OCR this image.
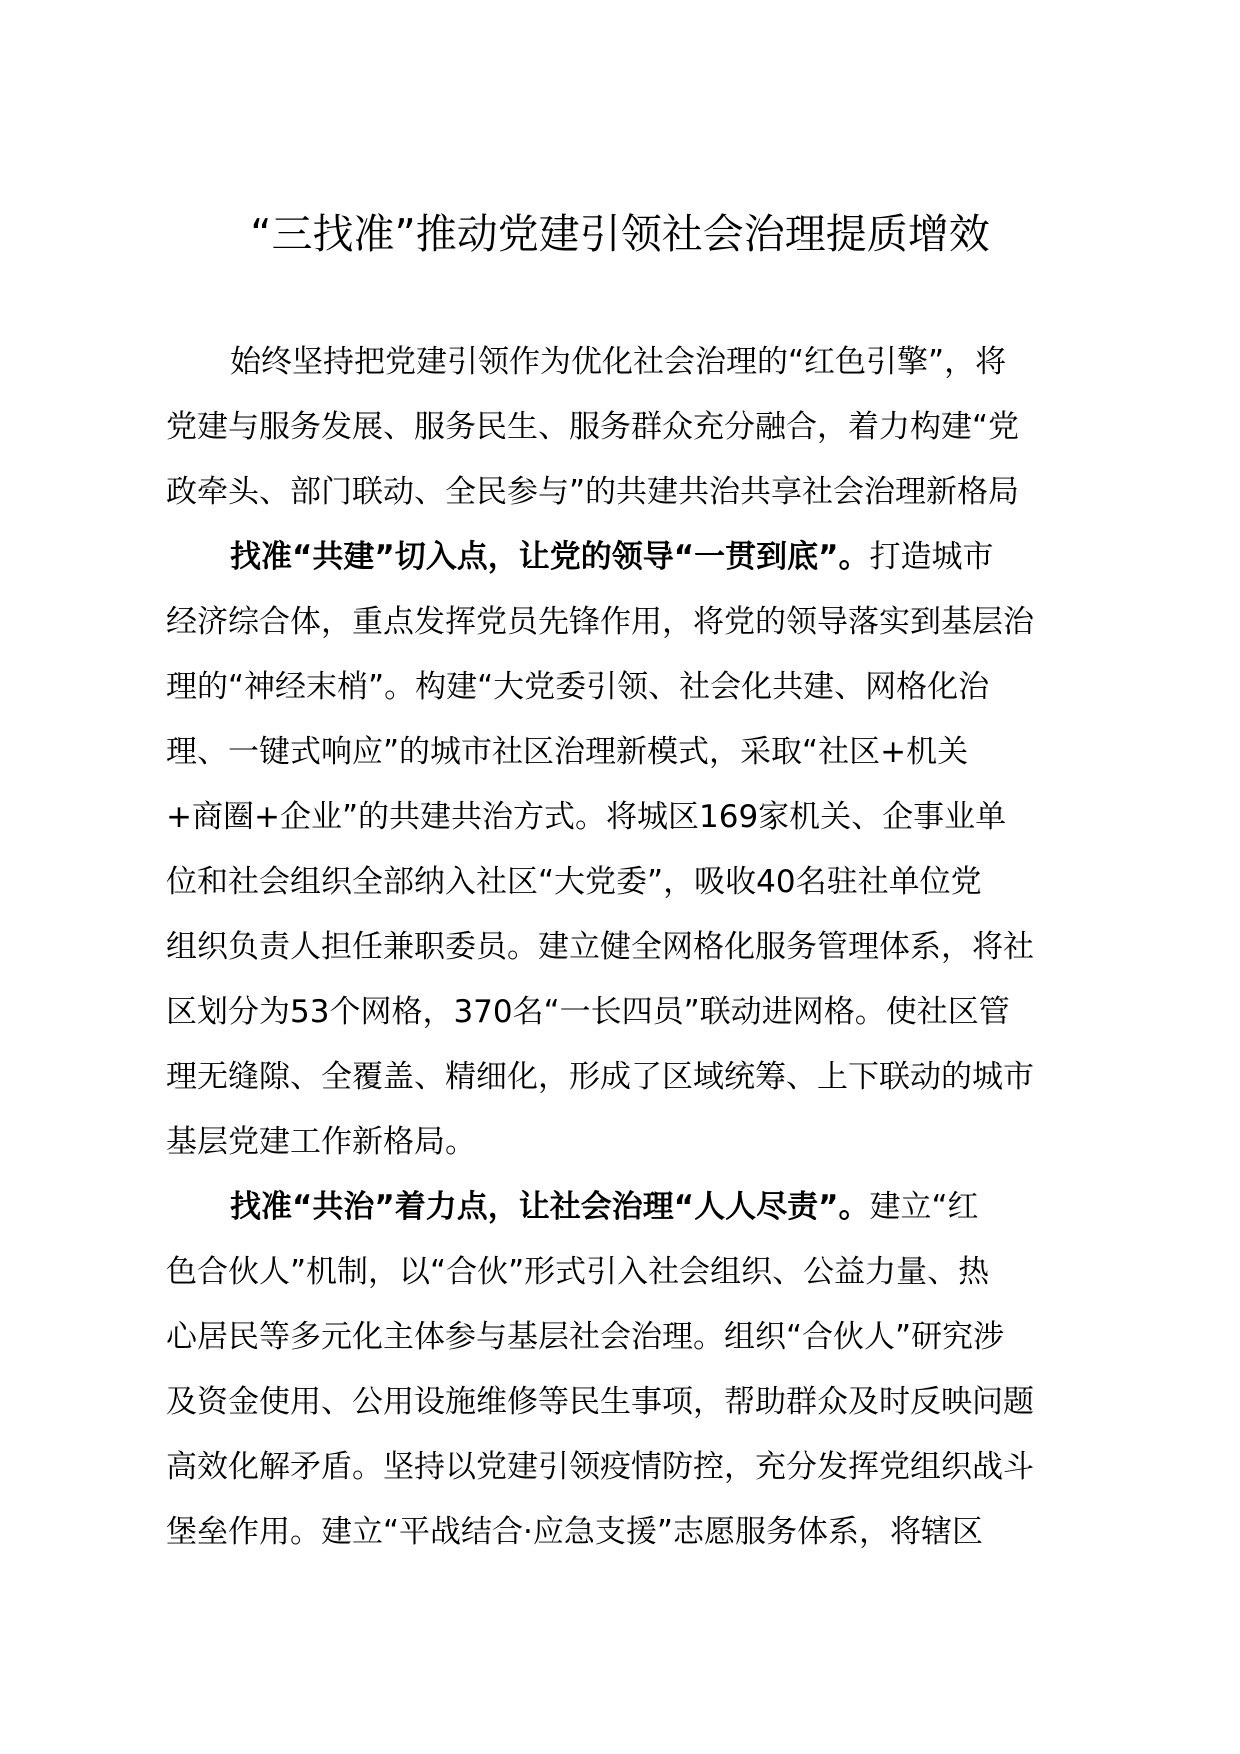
“三找准”推动党建引领社会治理提质增效
始终坚持把党建引领作为优化社会治理的“红色引擎”，将
党建与服务发展、服务民生、服务群众充分融合，着力构建“党
政牵头、部门联动、全民参与”的共建共治共享社会治理新格局
找准“共建”切入点，让党的领导“一贯到底”。打造城市
经济综合体，重点发挥党员先锋作用，将党的领导落实到基层治
理的“神经末梢”。构建“大党委引领、社会化共建、网格化治
理、一键式响应”的城市社区治理新模式，采取“社区+机关
+商圈+企业”的共建共治方式。将城区169家机关、企事业单
位和社会组织全部纳入社区“大党委”，吸收40名驻社单位党
组织负责人担任兼职委员。建立健全网格化服务管理体系，将社
区划分为53个网格，370名“一长四员”联动进网格。使社区管
理无缝隙、全覆盖、精细化，形成了区域统筹、上下联动的城市
基层党建工作新格局。
找准“共治”着力点，让社会治理“人人尽责”。建立“红
色合伙人”机制，以“合伙”形式引入社会组织、公益力量、热
心居民等多元化主体参与基层社会治理。组织“合伙人”研究涉
及资金使用、公用设施维修等民生事项，帮助群众及时反映问题
高效化解矛盾。坚持以党建引领疫情防控，充分发挥党组织战斗
堡垒作用。建立“平战结合·应急支援”志愿服务体系，将辖区
